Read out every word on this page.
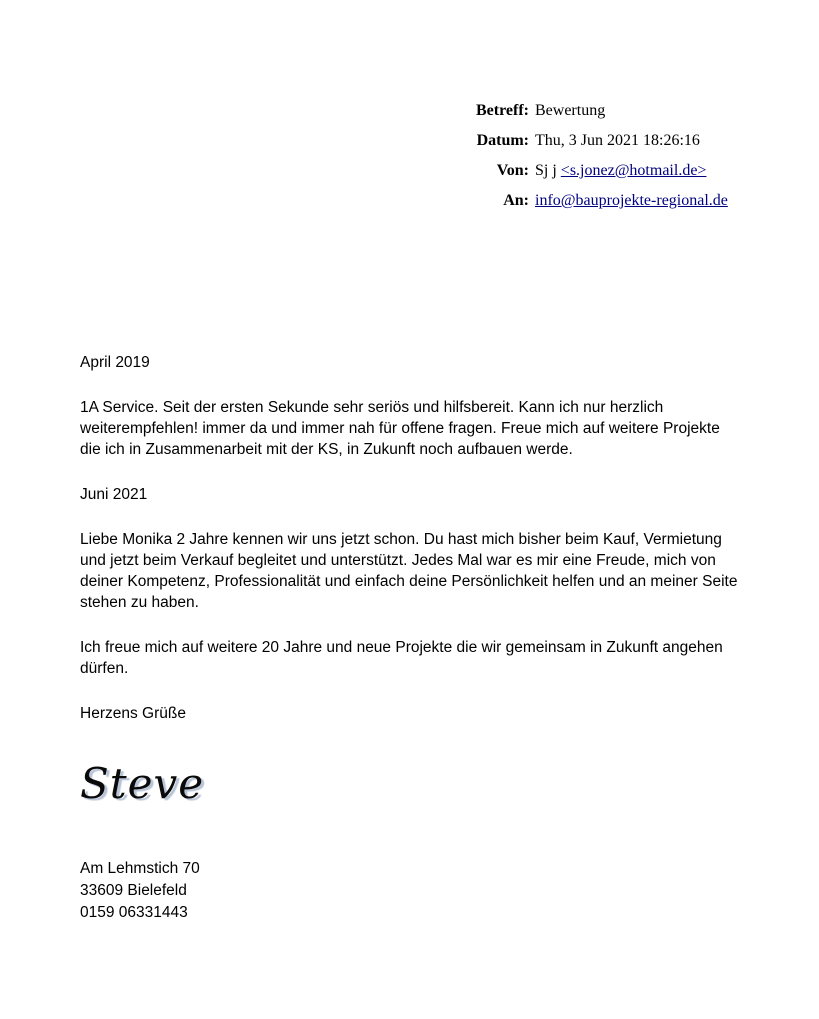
Betreff: Bewertung
Datum: Thu, 3 Jun 2021 18:26:16
Von: Sj j <s.jonez@hotmail.de>
An: info@bauprojekte-regional.de

April 2019

1A Service. Seit der ersten Sekunde sehr seriös und hilfsbereit. Kann ich nur herzlich weiterempfehlen! immer da und immer nah für offene fragen. Freue mich auf weitere Projekte die ich in Zusammenarbeit mit der KS, in Zukunft noch aufbauen werde.

Juni 2021

Liebe Monika 2 Jahre kennen wir uns jetzt schon. Du hast mich bisher beim Kauf, Vermietung und jetzt beim Verkauf begleitet und unterstützt. Jedes Mal war es mir eine Freude, mich von deiner Kompetenz, Professionalität und einfach deine Persönlichkeit helfen und an meiner Seite stehen zu haben.

Ich freue mich auf weitere 20 Jahre und neue Projekte die wir gemeinsam in Zukunft angehen dürfen.

Herzens Grüße

Steve
Am Lehmstich 70
33609 Bielefeld
0159 06331443
